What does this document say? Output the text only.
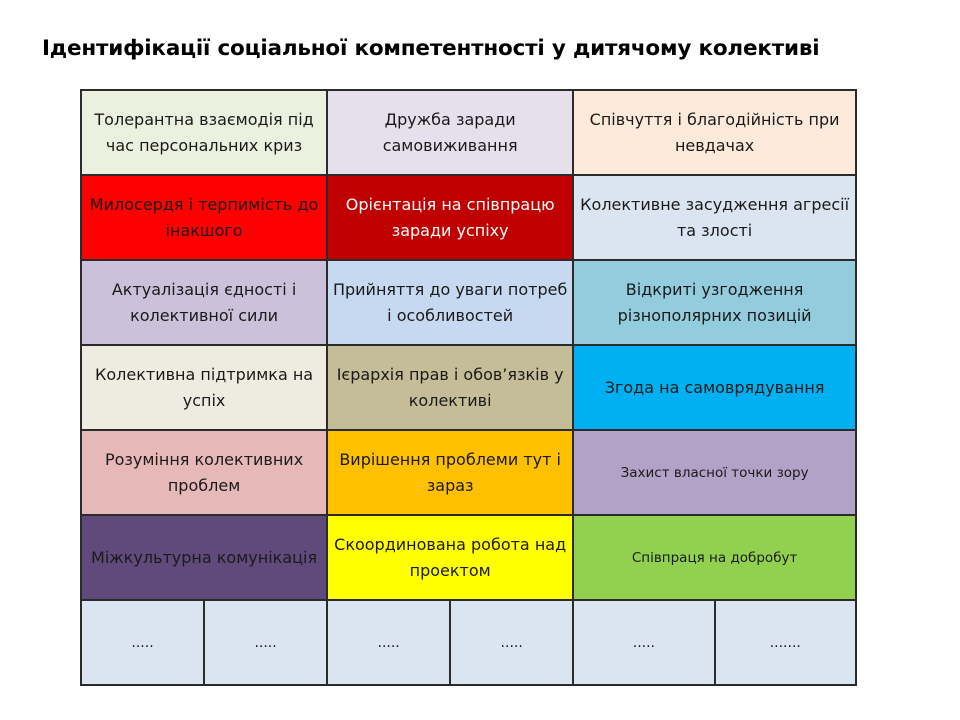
Ідентифікації соціальної компетентності у дитячому колективі
Толерантна взаємодія під час персональних криз		Дружба заради самовиживання		Співчуття і благодійність при невдачах	
Милосердя і терпимість до інакшого		Орієнтація на співпрацю заради успіху		Колективне засудження агресії та злості	
Актуалізація єдності і колективної сили		Прийняття до уваги потреб і особливостей		Відкриті узгодження різнополярних позицій	
Колективна підтримка на успіх		Ієрархія прав і обов’язків у колективі		Згода на самоврядування	
Розуміння колективних проблем		Вирішення проблеми тут і зараз		Захист власної точки зору	
Міжкультурна комунікація		Скоординована робота над проектом		Співпраця на добробут	
.....	.....	.....	.....	.....	.......
